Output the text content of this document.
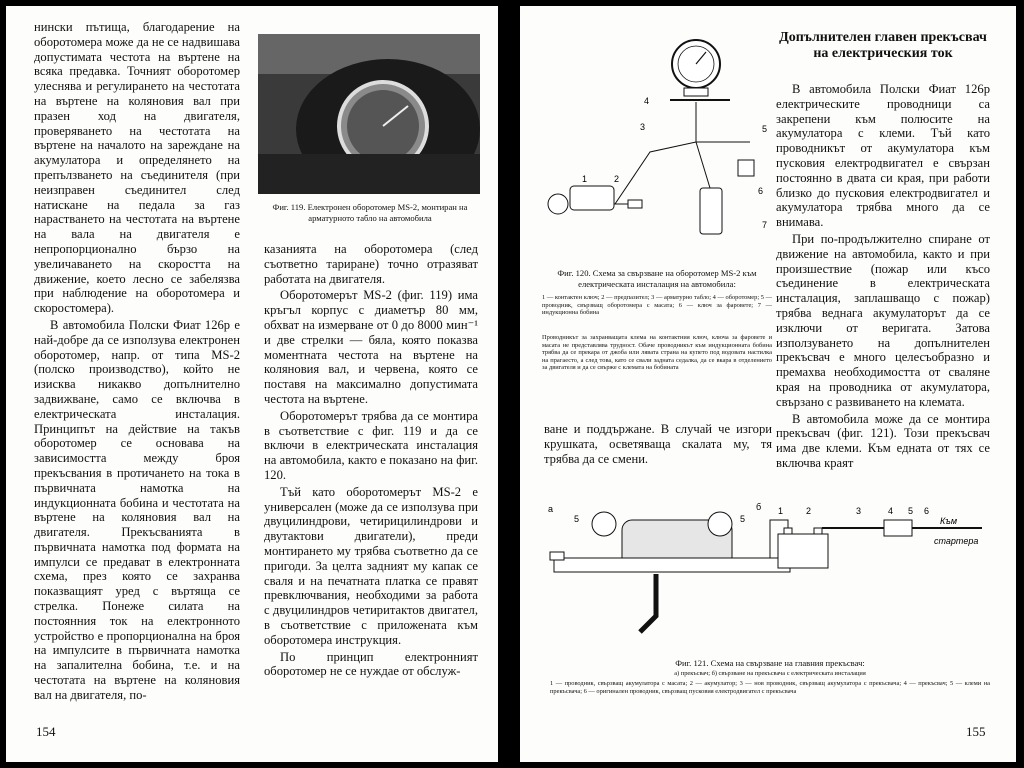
нински пътища, благодарение на оборотомера може да не се надвишава допустимата честота на въртене на всяка предавка. Точният оборотомер улеснява и регулирането на честотата на въртене на коляновия вал при празен ход на двигателя, проверяването на честотата на въртене на началото на зареждане на акумулатора и определянето на препълзването на съединителя (при неизправен съединител след натискане на педала за газ нарастването на честотата на въртене на вала на двигателя е непропорционално бързо на увеличаването на скоростта на движение, което лесно се забелязва при наблюдение на оборотомера и скоростомера).

В автомобила Полски Фиат 126р е най-добре да се използува електронен оборотомер, напр. от типа MS-2 (полско производство), който не изисква никакво допълнително задвижване, само се включва в електрическата инсталация. Принципът на действие на такъв оборотомер се основава на зависимостта между броя прекъсвания в протичането на тока в първичната намотка на индукционната бобина и честотата на въртене на коляновия вал на двигателя. Прекъсванията в първичната намотка под формата на импулси се предават в електронната схема, през която се захранва показващият уред с въртяща се стрелка. Понеже силата на постоянния ток на електронното устройство е пропорционална на броя на импулсите в първичната намотка на запалителна бобина, т.е. и на честотата на въртене на коляновия вал на двигателя, по-

Фиг. 119. Електронен оборотомер MS-2, монтиран на арматурното табло на автомобила

казанията на оборотомера (след съответно тариране) точно отразяват работата на двигателя.

Оборотомерът MS-2 (фиг. 119) има кръгъл корпус с диаметър 80 мм, обхват на измерване от 0 до 8000 мин⁻¹ и две стрелки — бяла, която показва моментната честота на въртене на коляновия вал, и червена, която се поставя на максимално допустимата честота на въртене.

Оборотомерът трябва да се монтира в съответствие с фиг. 119 и да се включи в електрическата инсталация на автомобила, както е показано на фиг. 120.

Тъй като оборотомерът MS-2 е универсален (може да се използува при двуцилиндрови, четирицилиндрови и двутактови двигатели), преди монтирането му трябва съответно да се пригоди. За целта задният му капак се сваля и на печатната платка се правят превключвания, необходими за работа с двуцилиндров четиритактов двигател, в съответствие с приложената към оборотомера инструкция.

По принцип електронният оборотомер не се нуждае от обслуж-

154
1	2
3
4
5
6
7
Фиг. 120. Схема за свързване на оборотомер MS-2 към електрическата инсталация на автомобила:
1 — контактен ключ; 2 — предпазител; 3 — арматурно табло; 4 — оборотомер; 5 — проводник, свързващ оборотомера с масата; 6 — ключ за фаровете; 7 — индукционна бобина
Проводникът за захранващата клема на контактния ключ, ключа за фаровете и масата не представлява трудност. Обаче проводникът към индукционната бобина трябва да се прекара от джоба или лявата страна на купето под водоватa настилка на прагаесто, а след това, като се свали задната седалка, да се вкара в отделението за двигателя и да се свърже с клемата на бобината

ване и поддържане. В случай че изгори крушката, осветяваща скалата му, тя трябва да се смени.

Допълнителен главен прекъсвач на електрическия ток

В автомобила Полски Фиат 126р електрическите проводници са закрепени към полюсите на акумулатора с клеми. Тъй като проводникът от акумулатора към пусковия електродвигател е свързан постоянно в двата си края, при работи близко до пусковия електродвигател и акумулатора трябва много да се внимава.

При по-продължително спиране от движение на автомобила, както и при произшествие (пожар или късо съединение в електрическата инсталация, заплашващо с пожар) трябва веднага акумулаторът да се изключи от веригата. Затова използуването на допълнителен прекъсвач е много целесъобразно и премахва необходимостта от сваляне края на проводника от акумулатора, свързано с развиването на клемата.

В автомобила може да се монтира прекъсвач (фиг. 121). Този прекъсвач има две клеми. Към едната от тях се включва краят

а
5	5
б 1	2	3	4 5 6
Към
стартера
Фиг. 121. Схема на свързване на главния прекъсвач:
а) прекъсвач; б) свързване на прекъсвача с електрическата инсталация
1 — проводник, свързващ акумулатора с масата; 2 — акумулатор; 3 — нов проводник, свързващ акумулатора с прекъсвача; 4 — прекъсвач; 5 — клеми на прекъсвача; 6 — оригинален проводник, свързващ пусковия електродвигател с прекъсвача
155
